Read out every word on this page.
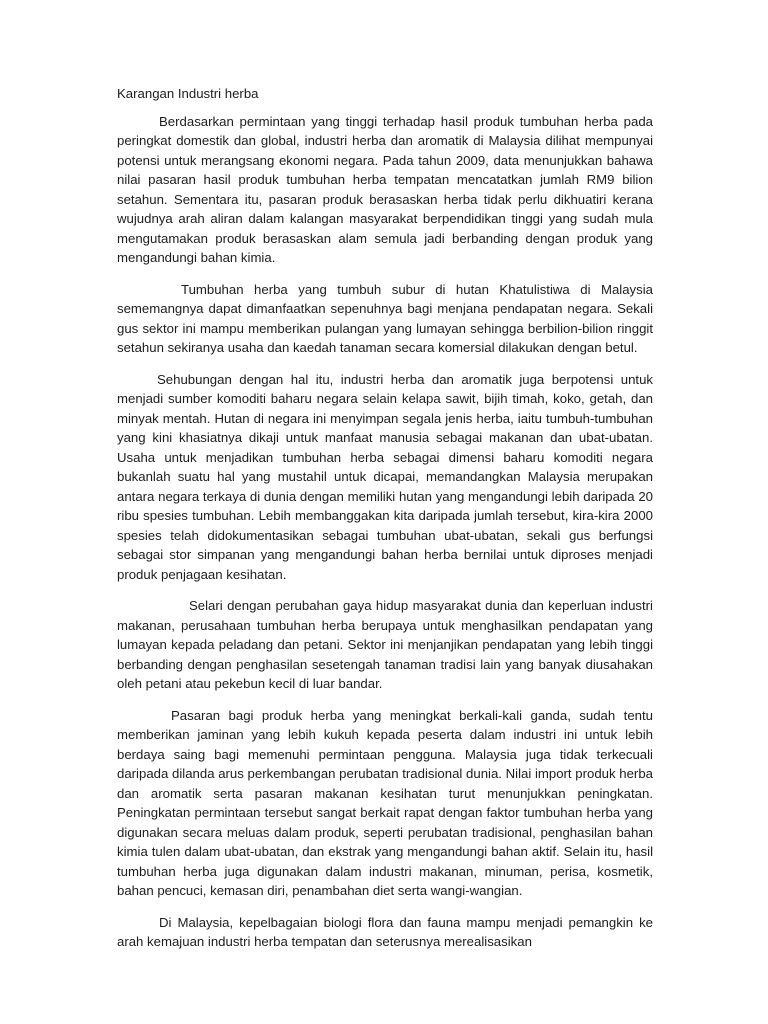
Karangan Industri herba

Berdasarkan permintaan yang tinggi terhadap hasil produk tumbuhan herba pada peringkat domestik dan global, industri herba dan aromatik di Malaysia dilihat mempunyai potensi untuk merangsang ekonomi negara. Pada tahun 2009, data menunjukkan bahawa nilai pasaran hasil produk tumbuhan herba tempatan mencatatkan jumlah RM9 bilion setahun. Sementara itu, pasaran produk berasaskan herba tidak perlu dikhuatiri kerana wujudnya arah aliran dalam kalangan masyarakat berpendidikan tinggi yang sudah mula mengutamakan produk berasaskan alam semula jadi berbanding dengan produk yang mengandungi bahan kimia.

Tumbuhan herba yang tumbuh subur di hutan Khatulistiwa di Malaysia sememangnya dapat dimanfaatkan sepenuhnya bagi menjana pendapatan negara. Sekali gus sektor ini mampu memberikan pulangan yang lumayan sehingga berbilion-bilion ringgit setahun sekiranya usaha dan kaedah tanaman secara komersial dilakukan dengan betul.

Sehubungan dengan hal itu, industri herba dan aromatik juga berpotensi untuk menjadi sumber komoditi baharu negara selain kelapa sawit, bijih timah, koko, getah, dan minyak mentah. Hutan di negara ini menyimpan segala jenis herba, iaitu tumbuh-tumbuhan yang kini khasiatnya dikaji untuk manfaat manusia sebagai makanan dan ubat-ubatan. Usaha untuk menjadikan tumbuhan herba sebagai dimensi baharu komoditi negara bukanlah suatu hal yang mustahil untuk dicapai, memandangkan Malaysia merupakan antara negara terkaya di dunia dengan memiliki hutan yang mengandungi lebih daripada 20 ribu spesies tumbuhan. Lebih membanggakan kita daripada jumlah tersebut, kira-kira 2000 spesies telah didokumentasikan sebagai tumbuhan ubat-ubatan, sekali gus berfungsi sebagai stor simpanan yang mengandungi bahan herba bernilai untuk diproses menjadi produk penjagaan kesihatan.

Selari dengan perubahan gaya hidup masyarakat dunia dan keperluan industri makanan, perusahaan tumbuhan herba berupaya untuk menghasilkan pendapatan yang lumayan kepada peladang dan petani. Sektor ini menjanjikan pendapatan yang lebih tinggi berbanding dengan penghasilan sesetengah tanaman tradisi lain yang banyak diusahakan oleh petani atau pekebun kecil di luar bandar.

Pasaran bagi produk herba yang meningkat berkali-kali ganda, sudah tentu memberikan jaminan yang lebih kukuh kepada peserta dalam industri ini untuk lebih berdaya saing bagi memenuhi permintaan pengguna. Malaysia juga tidak terkecuali daripada dilanda arus perkembangan perubatan tradisional dunia. Nilai import produk herba dan aromatik serta pasaran makanan kesihatan turut menunjukkan peningkatan. Peningkatan permintaan tersebut sangat berkait rapat dengan faktor tumbuhan herba yang digunakan secara meluas dalam produk, seperti perubatan tradisional, penghasilan bahan kimia tulen dalam ubat-ubatan, dan ekstrak yang mengandungi bahan aktif. Selain itu, hasil tumbuhan herba juga digunakan dalam industri makanan, minuman, perisa, kosmetik, bahan pencuci, kemasan diri, penambahan diet serta wangi-wangian.

Di Malaysia, kepelbagaian biologi flora dan fauna mampu menjadi pemangkin ke arah kemajuan industri herba tempatan dan seterusnya merealisasikan
